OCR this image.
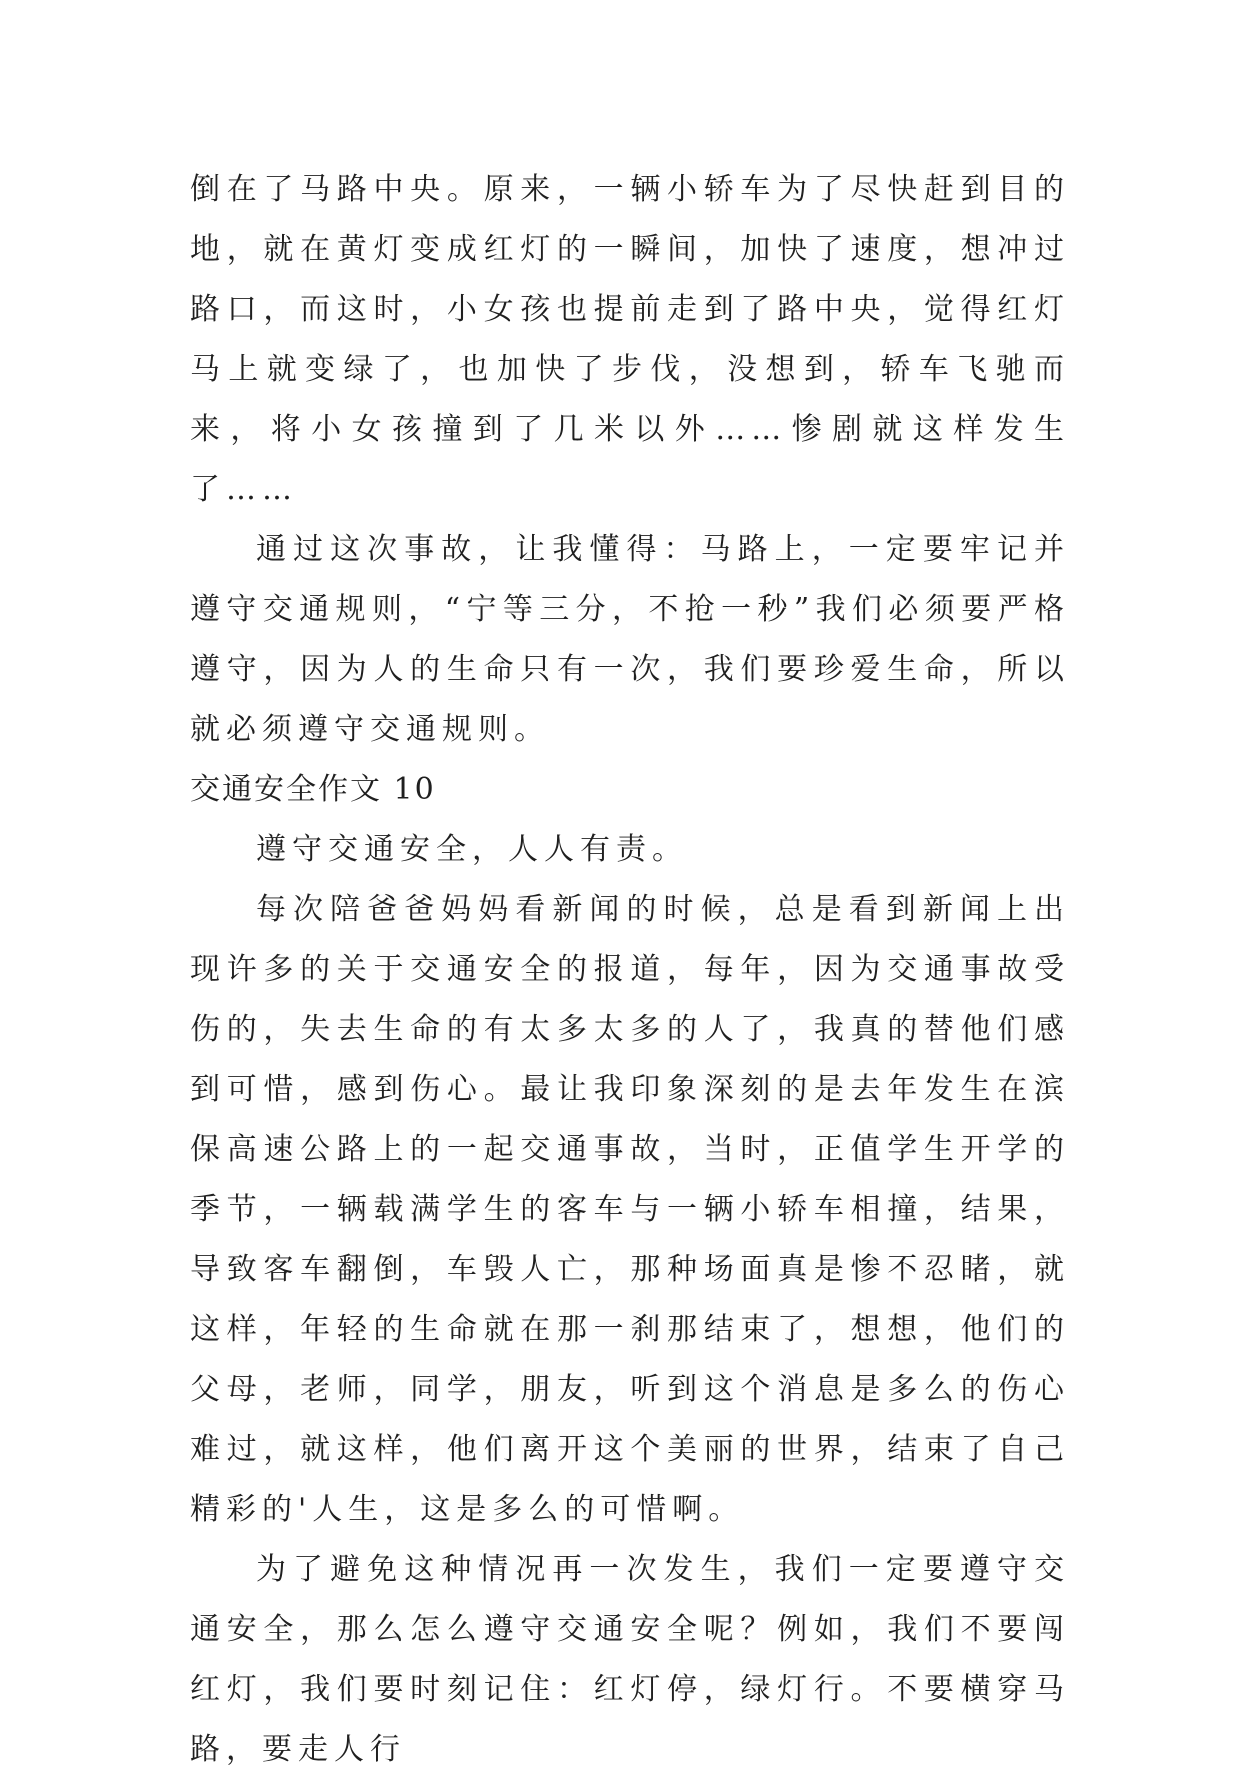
倒在了马路中央。原来，一辆小轿车为了尽快赶到目的地，就在黄灯变成红灯的一瞬间，加快了速度，想冲过路口，而这时，小女孩也提前走到了路中央，觉得红灯马上就变绿了，也加快了步伐，没想到，轿车飞驰而来，将小女孩撞到了几米以外……惨剧就这样发生了……

通过这次事故，让我懂得：马路上，一定要牢记并遵守交通规则，“宁等三分，不抢一秒”我们必须要严格遵守，因为人的生命只有一次，我们要珍爱生命，所以就必须遵守交通规则。

交通安全作文 10

遵守交通安全，人人有责。

每次陪爸爸妈妈看新闻的时候，总是看到新闻上出现许多的关于交通安全的报道，每年，因为交通事故受伤的，失去生命的有太多太多的人了，我真的替他们感到可惜，感到伤心。最让我印象深刻的是去年发生在滨保高速公路上的一起交通事故，当时，正值学生开学的季节，一辆载满学生的客车与一辆小轿车相撞，结果，导致客车翻倒，车毁人亡，那种场面真是惨不忍睹，就这样，年轻的生命就在那一刹那结束了，想想，他们的父母，老师，同学，朋友，听到这个消息是多么的伤心难过，就这样，他们离开这个美丽的世界，结束了自己精彩的'人生，这是多么的可惜啊。

为了避免这种情况再一次发生，我们一定要遵守交通安全，那么怎么遵守交通安全呢？例如，我们不要闯红灯，我们要时刻记住：红灯停，绿灯行。不要横穿马路，要走人行
